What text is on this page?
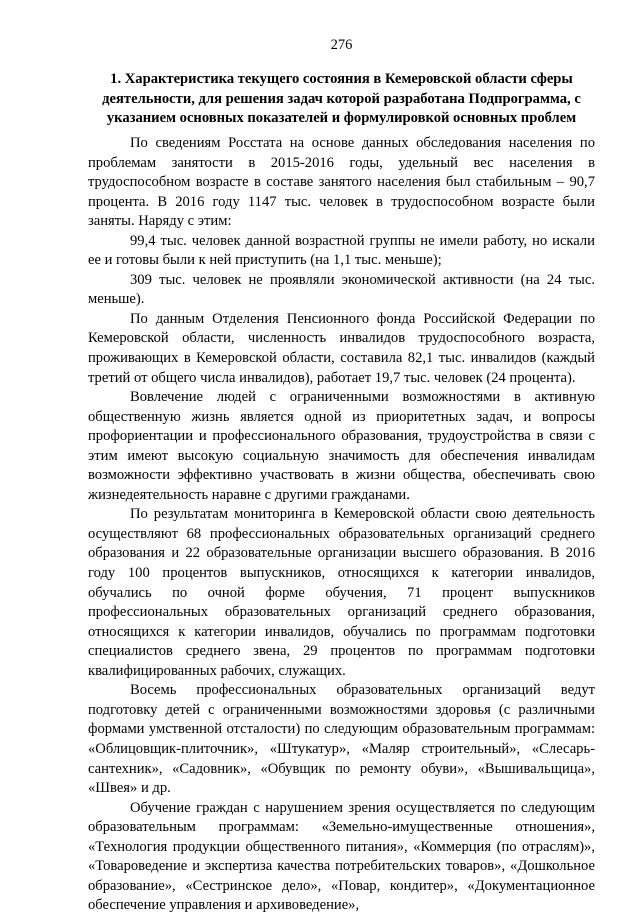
276
1. Характеристика текущего состояния в Кемеровской области сферы деятельности, для решения задач которой разработана Подпрограмма, с указанием основных показателей и формулировкой основных проблем

По сведениям Росстата на основе данных обследования населения по проблемам занятости в 2015-2016 годы, удельный вес населения в трудоспособном возрасте в составе занятого населения был стабильным – 90,7 процента. В 2016 году 1147 тыс. человек в трудоспособном возрасте были заняты. Наряду с этим:

99,4 тыс. человек данной возрастной группы не имели работу, но искали ее и готовы были к ней приступить (на 1,1 тыс. меньше);

309 тыс. человек не проявляли экономической активности (на 24 тыс. меньше).

По данным Отделения Пенсионного фонда Российской Федерации по Кемеровской области, численность инвалидов трудоспособного возраста, проживающих в Кемеровской области, составила 82,1 тыс. инвалидов (каждый третий от общего числа инвалидов), работает 19,7 тыс. человек (24 процента).

Вовлечение людей с ограниченными возможностями в активную общественную жизнь является одной из приоритетных задач, и вопросы профориентации и профессионального образования, трудоустройства в связи с этим имеют высокую социальную значимость для обеспечения инвалидам возможности эффективно участвовать в жизни общества, обеспечивать свою жизнедеятельность наравне с другими гражданами.

По результатам мониторинга в Кемеровской области свою деятельность осуществляют 68 профессиональных образовательных организаций среднего образования и 22 образовательные организации высшего образования. В 2016 году 100 процентов выпускников, относящихся к категории инвалидов, обучались по очной форме обучения, 71 процент выпускников профессиональных образовательных организаций среднего образования, относящихся к категории инвалидов, обучались по программам подготовки специалистов среднего звена, 29 процентов по программам подготовки квалифицированных рабочих, служащих.

Восемь профессиональных образовательных организаций ведут подготовку детей с ограниченными возможностями здоровья (с различными формами умственной отсталости) по следующим образовательным программам: «Облицовщик-плиточник», «Штукатур», «Маляр строительный», «Слесарь-сантехник», «Садовник», «Обувщик по ремонту обуви», «Вышивальщица», «Швея» и др.

Обучение граждан с нарушением зрения осуществляется по следующим образовательным программам: «Земельно-имущественные отношения», «Технология продукции общественного питания», «Коммерция (по отраслям)», «Товароведение и экспертиза качества потребительских товаров», «Дошкольное образование», «Сестринское дело», «Повар, кондитер», «Документационное обеспечение управления и архивоведение»,
